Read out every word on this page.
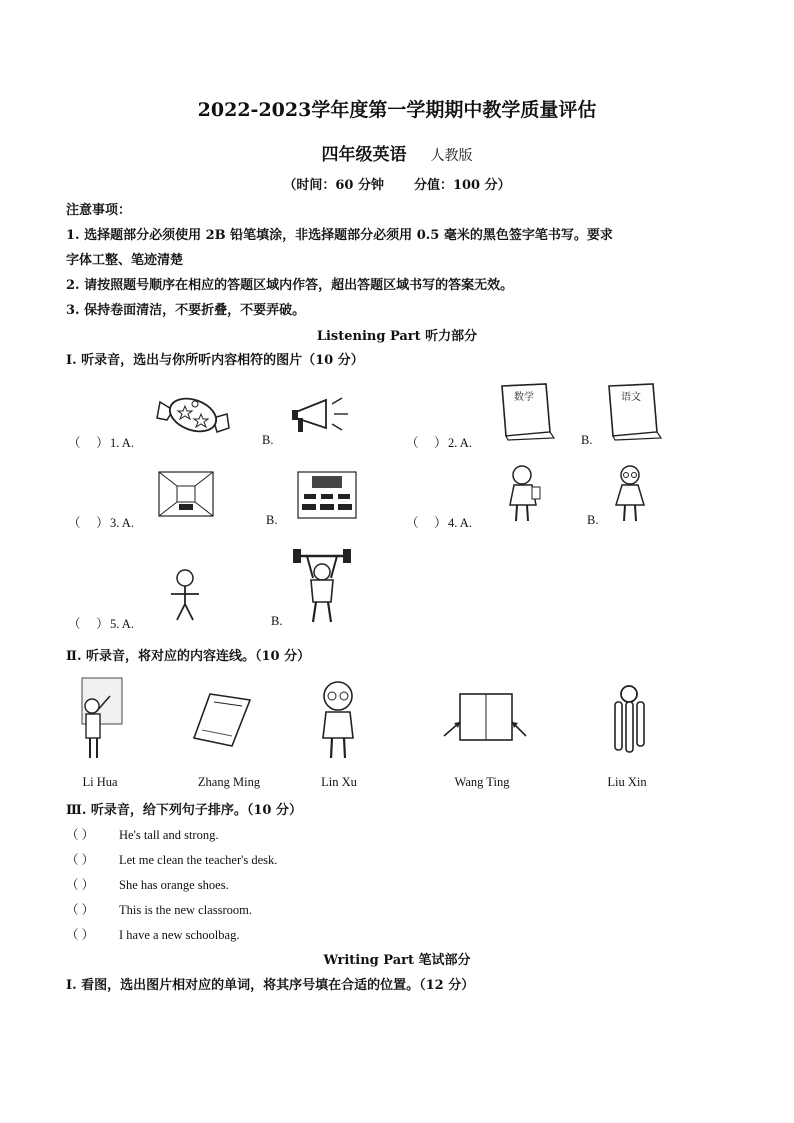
2022-2023学年度第一学期期中教学质量评估
四年级英语 人教版
（时间：60 分钟 分值：100 分）
注意事项：
1. 选择题部分必须使用 2B 铅笔填涂，非选择题部分必须用 0.5 毫米的黑色签字笔书写。要求
字体工整、笔迹清楚
2. 请按照题号顺序在相应的答题区域内作答，超出答题区域书写的答案无效。
3. 保持卷面清洁，不要折叠，不要弄破。
Listening Part 听力部分
I. 听录音，选出与你所听内容相符的图片（10 分）
（     ）1. A.	B.	（     ）2. A.
数学
B.
语文
（     ）3. A.	B.	（     ）4. A.	B.
（     ）5. A.	B.
Ⅱ. 听录音，将对应的内容连线。（10 分）
Li Hua	Zhang Ming	Lin Xu	Wang Ting	Liu Xin
Ⅲ. 听录音，给下列句子排序。（10 分）
（ ） He's tall and strong.
（ ） Let me clean the teacher's desk.
（ ） She has orange shoes.
（ ） This is the new classroom.
（ ） I have a new schoolbag.
Writing Part 笔试部分
I. 看图，选出图片相对应的单词，将其序号填在合适的位置。（12 分）
